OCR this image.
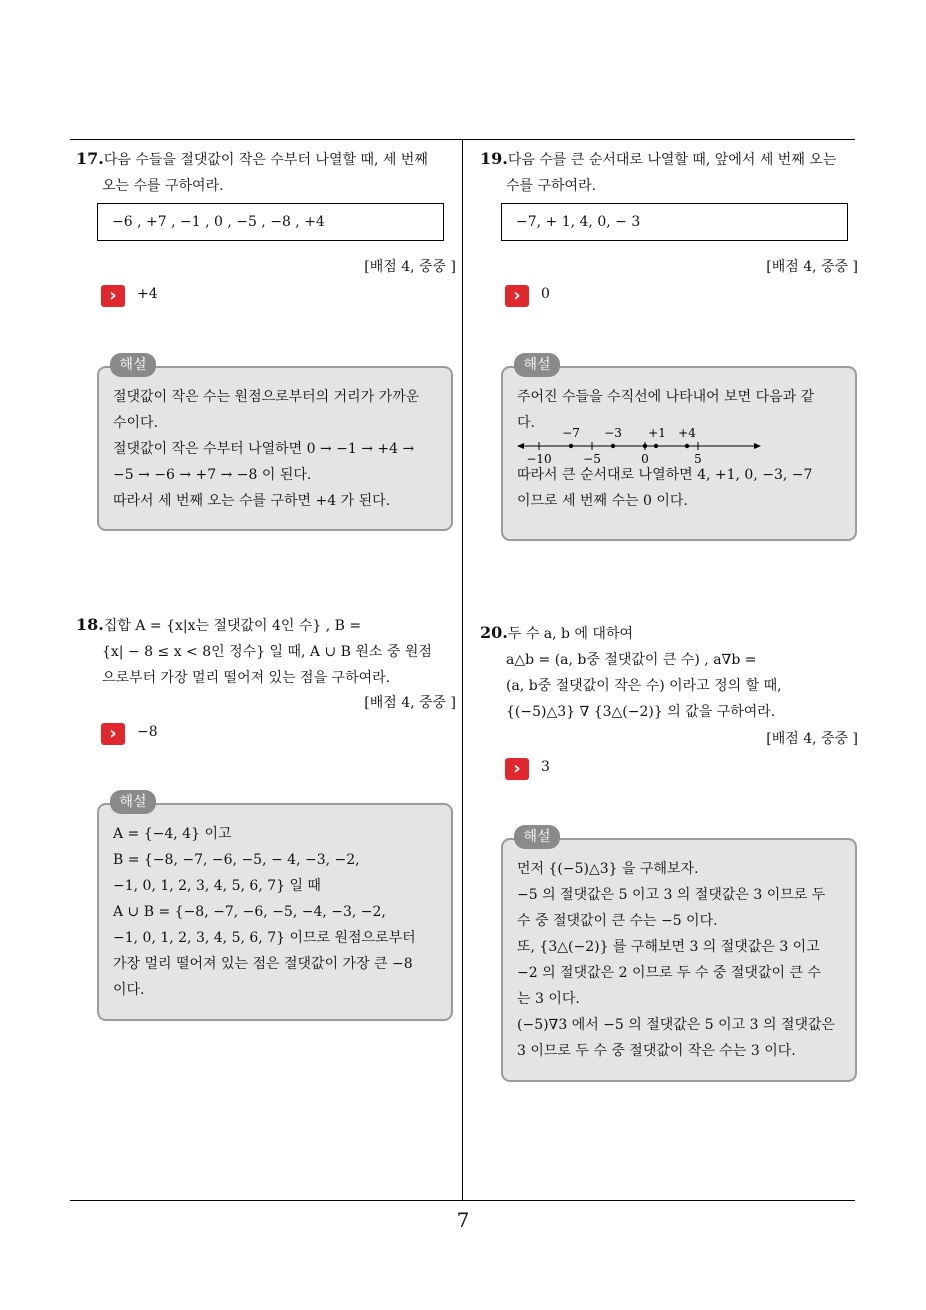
17.다음 수들을 절댓값이 작은 수부터 나열할 때, 세 번째
오는 수를 구하여라.
−6 , +7 , −1 , 0 , −5 , −8 , +4
[배점 4, 중중 ]
›	+4
절댓값이 작은 수는 원점으로부터의 거리가 가까운
수이다.
절댓값이 작은 수부터 나열하면 0 → −1 → +4 →
−5 → −6 → +7 → −8 이 된다.
따라서 세 번째 오는 수를 구하면 +4 가 된다.
해설
18.집합 A = {x|x는 절댓값이 4인 수} , B =
{x| − 8 ≤ x < 8인 정수} 일 때, A ∪ B 원소 중 원점
으로부터 가장 멀리 떨어져 있는 점을 구하여라.
[배점 4, 중중 ]
›	−8
A = {−4, 4} 이고
B = {−8, −7, −6, −5, − 4, −3, −2,
−1, 0, 1, 2, 3, 4, 5, 6, 7} 일 때
A ∪ B = {−8, −7, −6, −5, −4, −3, −2,
−1, 0, 1, 2, 3, 4, 5, 6, 7} 이므로 원점으로부터
가장 멀리 떨어져 있는 점은 절댓값이 가장 큰 −8
이다.
해설
19.다음 수를 큰 순서대로 나열할 때, 앞에서 세 번째 오는
수를 구하여라.
−7, + 1, 4, 0, − 3
[배점 4, 중중 ]
›	0
주어진 수들을 수직선에 나타내어 보면 다음과 같
다.
−7 −3 +1 +4
−10	−5	0	5
따라서 큰 순서대로 나열하면 4, +1, 0, −3, −7
이므로 세 번째 수는 0 이다.
해설
20.두 수 a, b 에 대하여
a△b = (a, b중 절댓값이 큰 수) , a∇b =
(a, b중 절댓값이 작은 수) 이라고 정의 할 때,
{(−5)△3} ∇ {3△(−2)} 의 값을 구하여라.
[배점 4, 중중 ]
›	3
먼저 {(−5)△3} 을 구해보자.
−5 의 절댓값은 5 이고 3 의 절댓값은 3 이므로 두
수 중 절댓값이 큰 수는 −5 이다.
또, {3△(−2)} 를 구해보면 3 의 절댓값은 3 이고
−2 의 절댓값은 2 이므로 두 수 중 절댓값이 큰 수
는 3 이다.
(−5)∇3 에서 −5 의 절댓값은 5 이고 3 의 절댓값은
3 이므로 두 수 중 절댓값이 작은 수는 3 이다.
해설
7
